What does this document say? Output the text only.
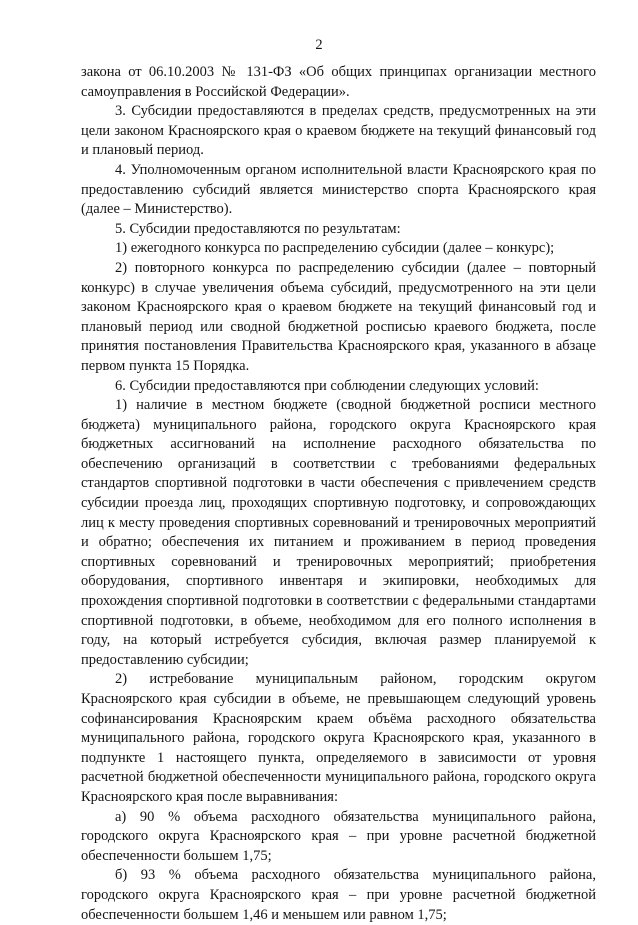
2

закона от 06.10.2003 № 131-ФЗ «Об общих принципах организации местного самоуправления в Российской Федерации».

3. Субсидии предоставляются в пределах средств, предусмотренных на эти цели законом Красноярского края о краевом бюджете на текущий финансовый год и плановый период.

4. Уполномоченным органом исполнительной власти Красноярского края по предоставлению субсидий является министерство спорта Красноярского края (далее – Министерство).

5. Субсидии предоставляются по результатам:

1) ежегодного конкурса по распределению субсидии (далее – конкурс);

2) повторного конкурса по распределению субсидии (далее – повторный конкурс) в случае увеличения объема субсидий, предусмотренного на эти цели законом Красноярского края о краевом бюджете на текущий финансовый год и плановый период или сводной бюджетной росписью краевого бюджета, после принятия постановления Правительства Красноярского края, указанного в абзаце первом пункта 15 Порядка.

6. Субсидии предоставляются при соблюдении следующих условий:

1) наличие в местном бюджете (сводной бюджетной росписи местного бюджета) муниципального района, городского округа Красноярского края бюджетных ассигнований на исполнение расходного обязательства по обеспечению организаций в соответствии с требованиями федеральных стандартов спортивной подготовки в части обеспечения с привлечением средств субсидии проезда лиц, проходящих спортивную подготовку, и сопровождающих лиц к месту проведения спортивных соревнований и тренировочных мероприятий и обратно; обеспечения их питанием и проживанием в период проведения спортивных соревнований и тренировочных мероприятий; приобретения оборудования, спортивного инвентаря и экипировки, необходимых для прохождения спортивной подготовки в соответствии с федеральными стандартами спортивной подготовки, в объеме, необходимом для его полного исполнения в году, на который истребуется субсидия, включая размер планируемой к предоставлению субсидии;

2) истребование муниципальным районом, городским округом Красноярского края субсидии в объеме, не превышающем следующий уровень софинансирования Красноярским краем объёма расходного обязательства муниципального района, городского округа Красноярского края, указанного в подпункте 1 настоящего пункта, определяемого в зависимости от уровня расчетной бюджетной обеспеченности муниципального района, городского округа Красноярского края после выравнивания:

а) 90 % объема расходного обязательства муниципального района, городского округа Красноярского края – при уровне расчетной бюджетной обеспеченности большем 1,75;

б) 93 % объема расходного обязательства муниципального района, городского округа Красноярского края – при уровне расчетной бюджетной обеспеченности большем 1,46 и меньшем или равном 1,75;
